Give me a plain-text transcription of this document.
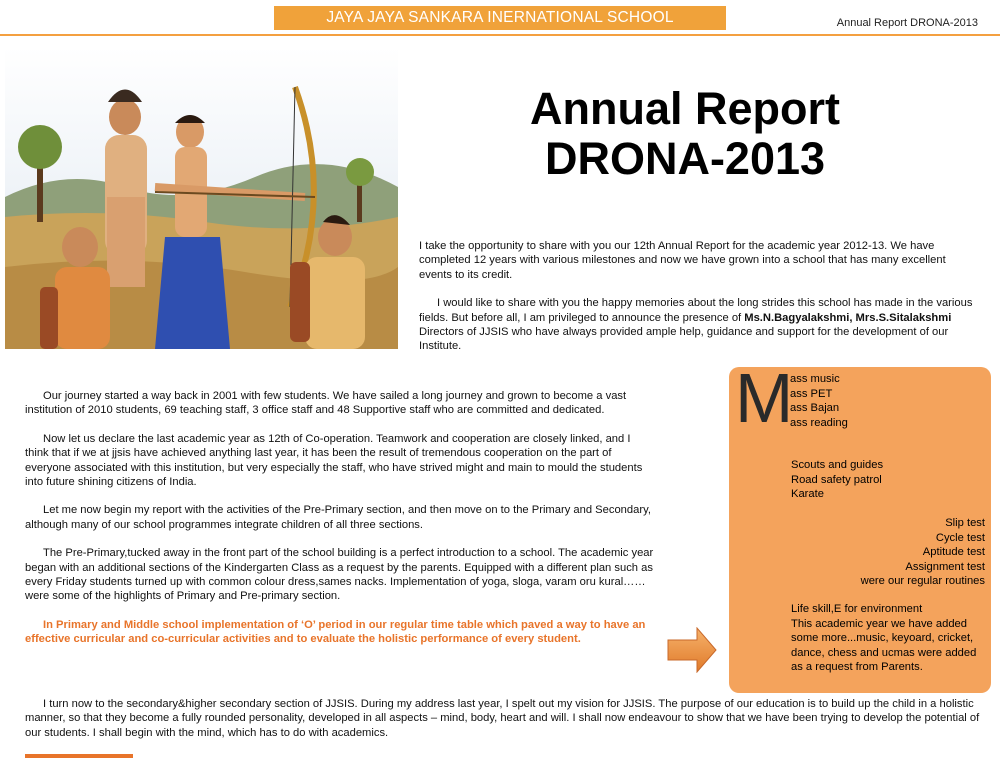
JAYA JAYA SANKARA INERNATIONAL SCHOOL	Annual Report DRONA-2013
Annual Report
DRONA-2013

I take the opportunity to share with you our 12th Annual Report for the academic year 2012-13. We have completed 12 years with various milestones and now we have grown into a school that has many excellent events to its credit.

I would like to share with you the happy memories about the long strides this school has made in the various fields. But before all, I am privileged to announce the presence of Ms.N.Bagyalakshmi, Mrs.S.Sitalakshmi Directors of JJSIS who have always provided ample help, guidance and support for the development of our Institute.

Our journey started a way back in 2001 with few students. We have sailed a long journey and grown to become a vast institution of 2010 students, 69 teaching staff, 3 office staff and 48 Supportive staff who are committed and dedicated.

Now let us declare the last academic year as 12th of Co-operation. Teamwork and cooperation are closely linked, and I think that if we at jjsis have achieved anything last year, it has been the result of tremendous cooperation on the part of everyone associated with this institution, but very especially the staff, who have strived might and main to mould the students into future shining citizens of India.

Let me now begin my report with the activities of the Pre-Primary section, and then move on to the Primary and Secondary, although many of our school programmes integrate children of all three sections.

The Pre-Primary,tucked away in the front part of the school building is a perfect introduction to a school. The academic year began with an additional sections of the Kindergarten Class as a request by the parents. Equipped with a different plan such as every Friday students turned up with common colour dress,sames nacks. Implementation of yoga, sloga, varam oru kural…… were some of the highlights of Primary and Pre-primary section.

In Primary and Middle school implementation of ‘O’ period in our regular time table which paved a way to have an effective curricular and co-curricular activities and to evaluate the holistic performance of every student.

M
ass music
ass PET
ass Bajan
ass reading
Scouts and guides
Road safety patrol
Karate
Slip test
Cycle test
Aptitude test
Assignment test
were our regular routines
Life skill,E for environment
This academic year we have added some more...music, keyoard, cricket, dance, chess and ucmas were added as a request from Parents.
I turn now to the secondary&higher secondary section of JJSIS. During my address last year, I spelt out my vision for JJSIS. The purpose of our education is to build up the child in a holistic manner, so that they become a fully rounded personality, developed in all aspects – mind, body, heart and will. I shall now endeavour to show that we have been trying to develop the potential of our students. I shall begin with the mind, which has to do with academics.
